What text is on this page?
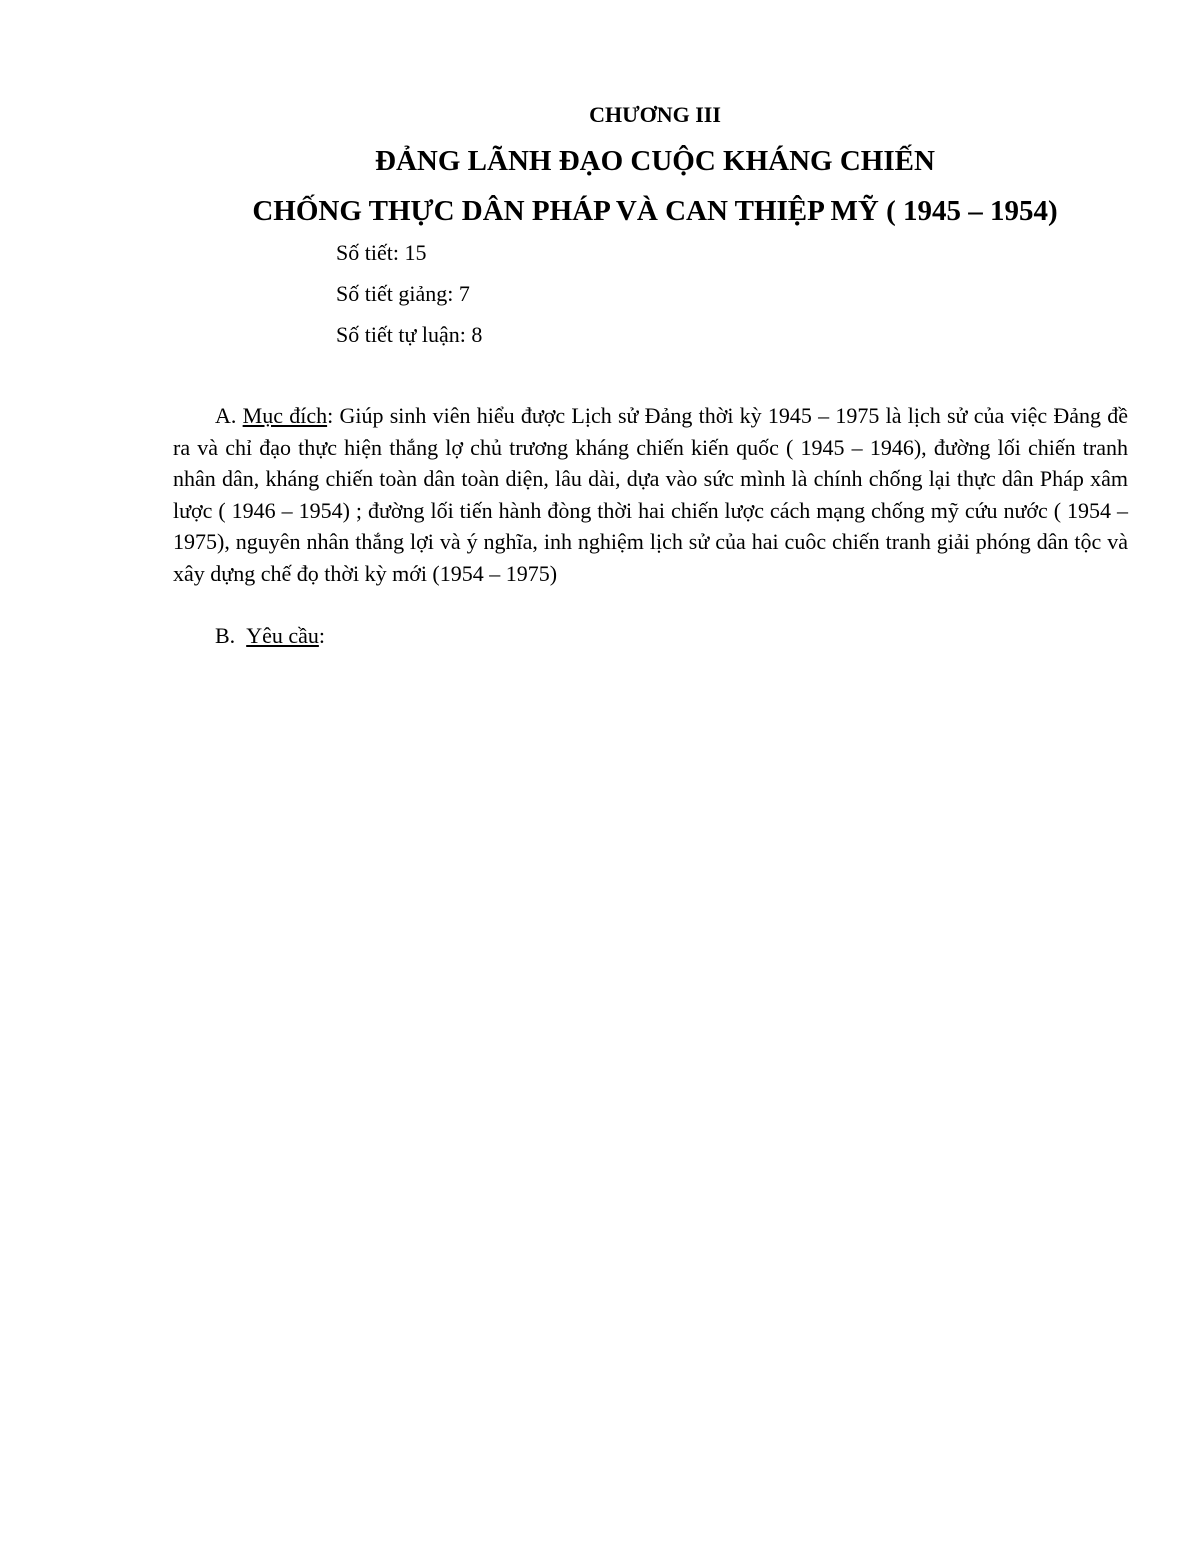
CHƯƠNG III
ĐẢNG LÃNH ĐẠO CUỘC KHÁNG CHIẾN
CHỐNG THỰC DÂN PHÁP VÀ CAN THIỆP MỸ ( 1945 – 1954)
Số tiết: 15
Số tiết giảng: 7
Số tiết tự luận: 8

A. Mục đích: Giúp sinh viên hiểu được Lịch sử Đảng thời kỳ 1945 – 1975 là lịch sử của việc Đảng đề ra và chỉ đạo thực hiện thắng lợ chủ trương kháng chiến kiến quốc ( 1945 – 1946), đường lối chiến tranh nhân dân, kháng chiến toàn dân toàn diện, lâu dài, dựa vào sức mình là chính chống lại thực dân Pháp xâm lược ( 1946 – 1954) ; đường lối tiến hành đòng thời hai chiến lược cách mạng chống mỹ cứu nước ( 1954 – 1975), nguyên nhân thắng lợi và ý nghĩa, inh nghiệm lịch sử của hai cuôc chiến tranh giải phóng dân tộc và xây dựng chế đọ thời kỳ mới (1954 – 1975)

B. Yêu cầu:
